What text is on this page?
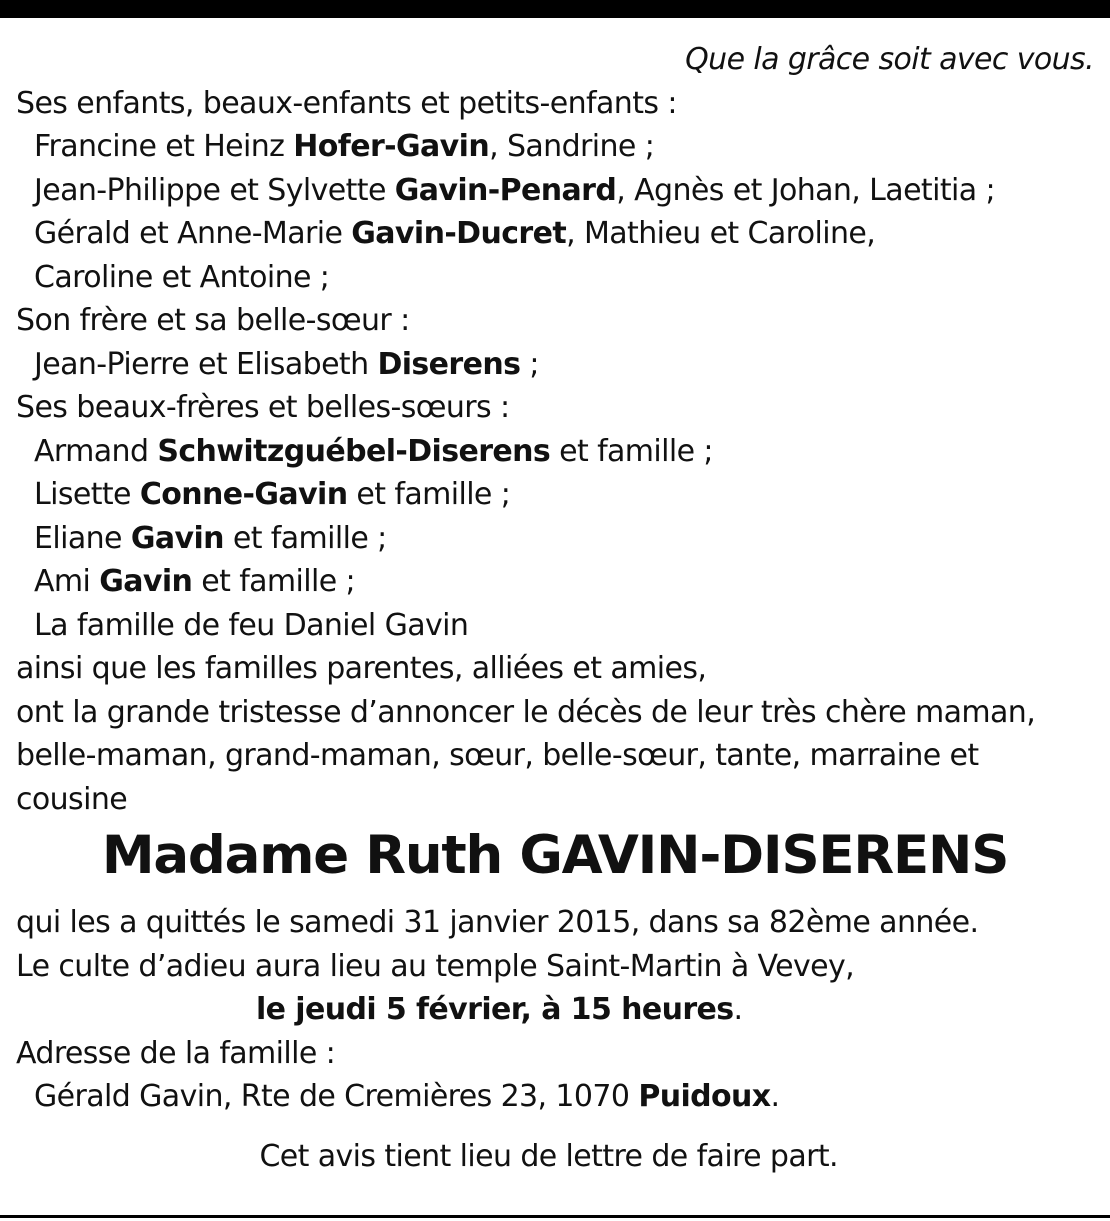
Que la grâce soit avec vous.
Ses enfants, beaux-enfants et petits-enfants :
Francine et Heinz Hofer-Gavin, Sandrine ;
Jean-Philippe et Sylvette Gavin-Penard, Agnès et Johan, Laetitia ;
Gérald et Anne-Marie Gavin-Ducret, Mathieu et Caroline,
Caroline et Antoine ;
Son frère et sa belle-sœur :
Jean-Pierre et Elisabeth Diserens ;
Ses beaux-frères et belles-sœurs :
Armand Schwitzguébel-Diserens et famille ;
Lisette Conne-Gavin et famille ;
Eliane Gavin et famille ;
Ami Gavin et famille ;
La famille de feu Daniel Gavin
ainsi que les familles parentes, alliées et amies,
ont la grande tristesse d’annoncer le décès de leur très chère maman,
belle-maman, grand-maman, sœur, belle-sœur, tante, marraine et
cousine
Madame Ruth GAVIN-DISERENS
qui les a quittés le samedi 31 janvier 2015, dans sa 82ème année.
Le culte d’adieu aura lieu au temple Saint-Martin à Vevey,
le jeudi 5 février, à 15 heures.
Adresse de la famille :
Gérald Gavin, Rte de Cremières 23, 1070 Puidoux.
Cet avis tient lieu de lettre de faire part.
